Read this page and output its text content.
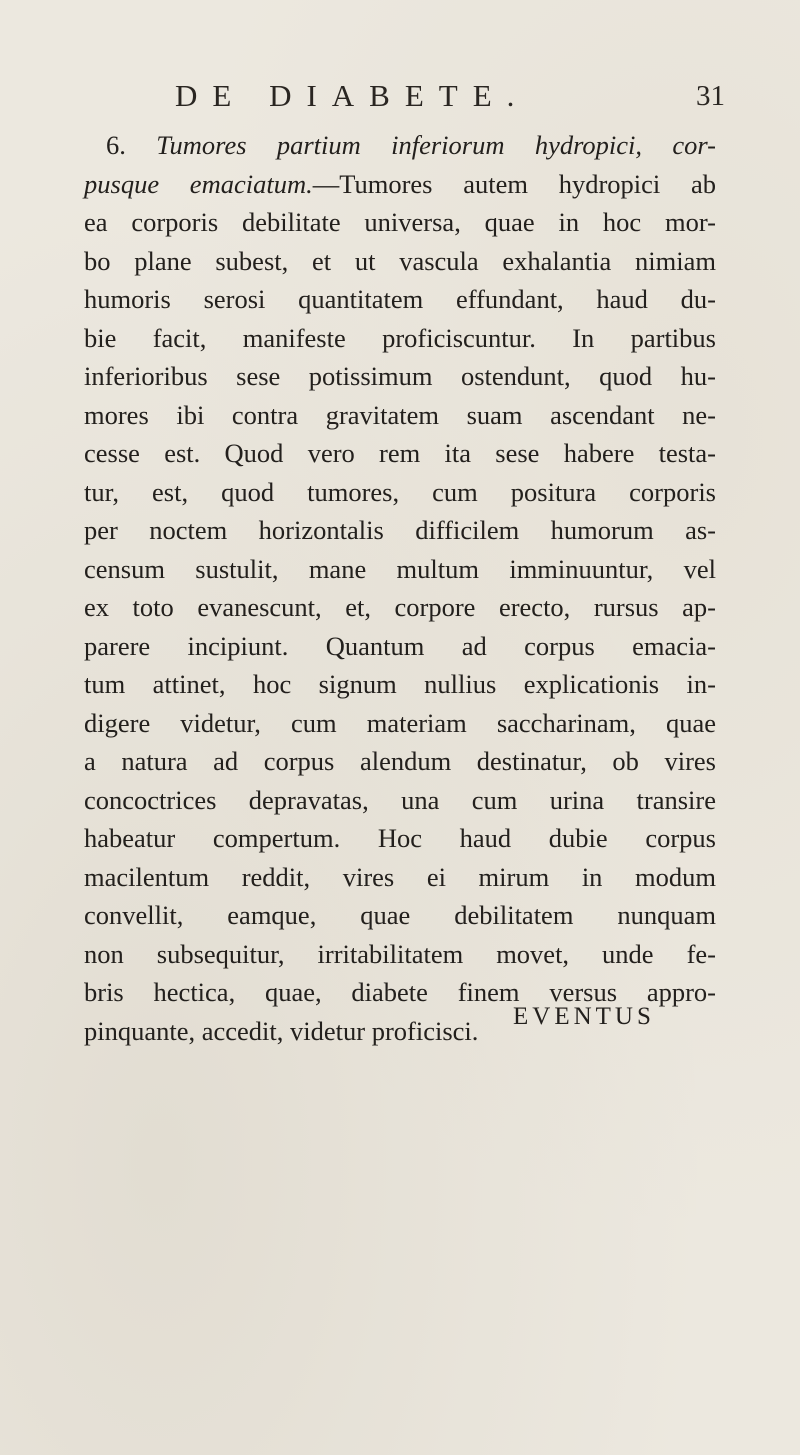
DE DIABETE.	31
6. Tumores partium inferiorum hydropici, cor-
pusque emaciatum.—Tumores autem hydropici ab
ea corporis debilitate universa, quae in hoc mor-
bo plane subest, et ut vascula exhalantia nimiam
humoris serosi quantitatem effundant, haud du-
bie facit, manifeste proficiscuntur. In partibus
inferioribus sese potissimum ostendunt, quod hu-
mores ibi contra gravitatem suam ascendant ne-
cesse est. Quod vero rem ita sese habere testa-
tur, est, quod tumores, cum positura corporis
per noctem horizontalis difficilem humorum as-
censum sustulit, mane multum imminuuntur, vel
ex toto evanescunt, et, corpore erecto, rursus ap-
parere incipiunt. Quantum ad corpus emacia-
tum attinet, hoc signum nullius explicationis in-
digere videtur, cum materiam saccharinam, quae
a natura ad corpus alendum destinatur, ob vires
concoctrices depravatas, una cum urina transire
habeatur compertum. Hoc haud dubie corpus
macilentum reddit, vires ei mirum in modum
convellit, eamque, quae debilitatem nunquam
non subsequitur, irritabilitatem movet, unde fe-
bris hectica, quae, diabete finem versus appro-
pinquante, accedit, videtur proficisci.	EVENTUS
